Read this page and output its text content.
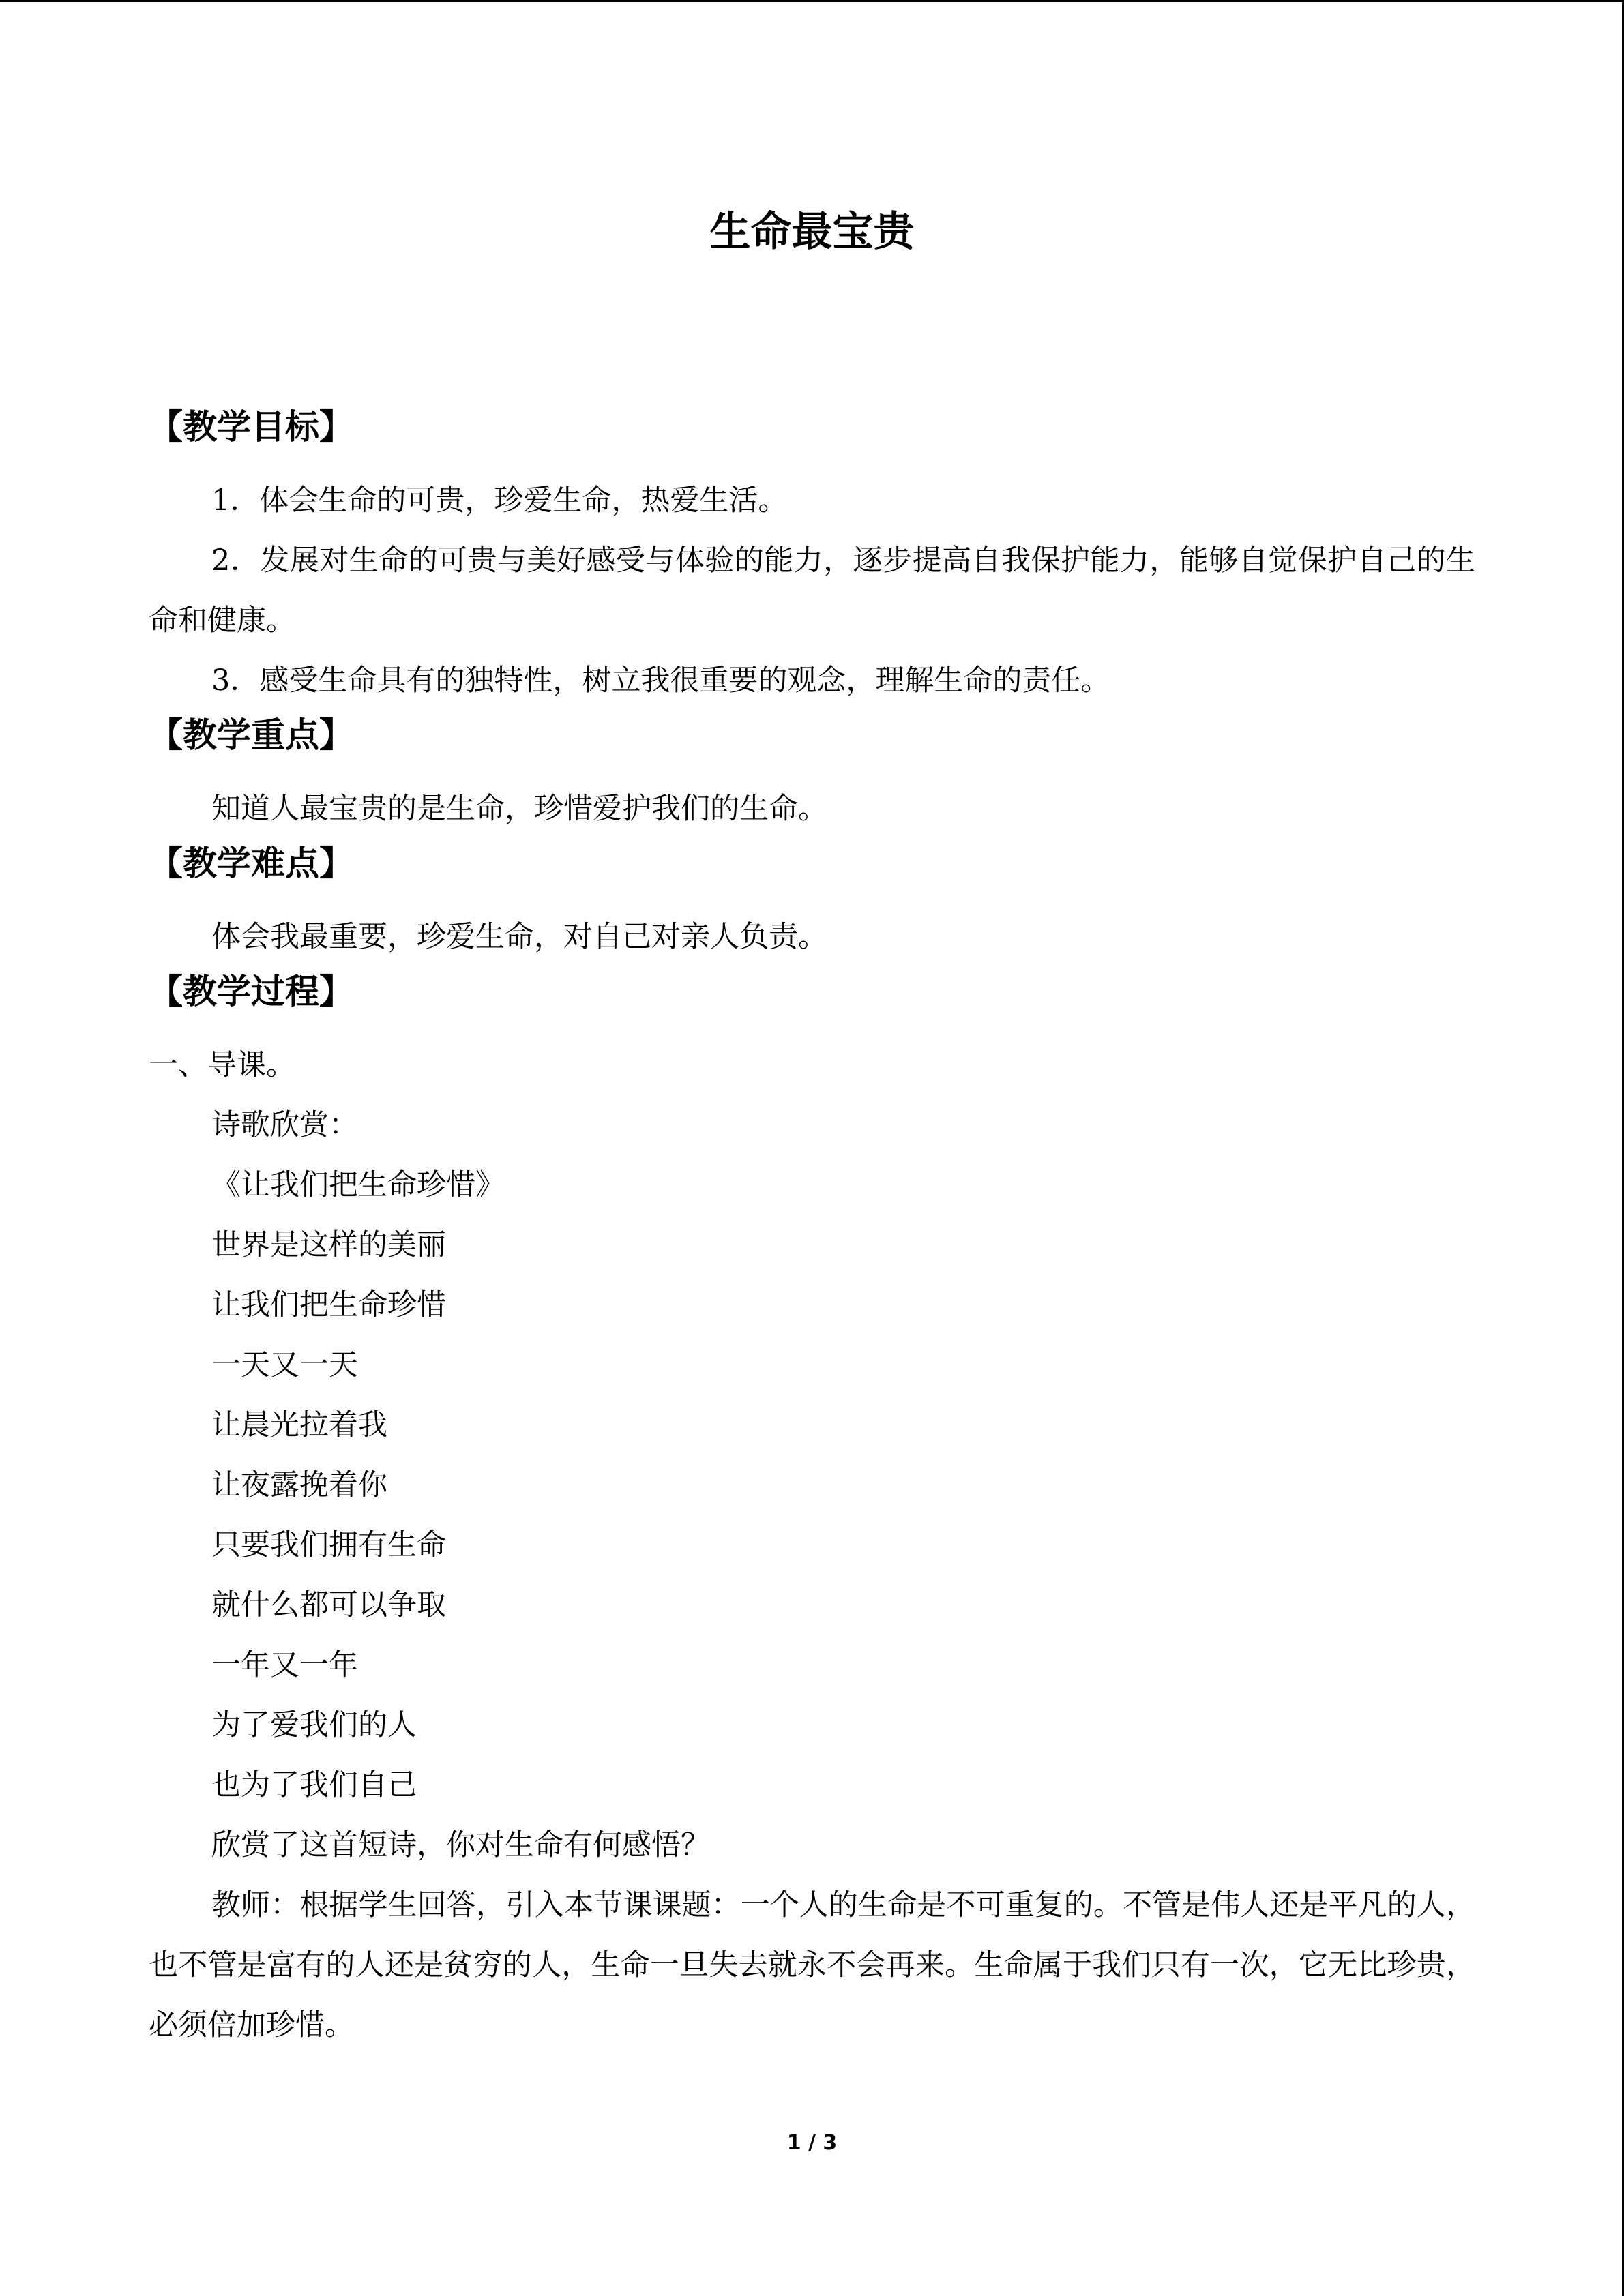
生命最宝贵
【教学目标】

1．体会生命的可贵，珍爱生命，热爱生活。

2．发展对生命的可贵与美好感受与体验的能力，逐步提高自我保护能力，能够自觉保护自己的生命和健康。

3．感受生命具有的独特性，树立我很重要的观念，理解生命的责任。

【教学重点】

知道人最宝贵的是生命，珍惜爱护我们的生命。

【教学难点】

体会我最重要，珍爱生命，对自己对亲人负责。

【教学过程】

一、导课。

诗歌欣赏：

《让我们把生命珍惜》

世界是这样的美丽

让我们把生命珍惜

一天又一天

让晨光拉着我

让夜露挽着你

只要我们拥有生命

就什么都可以争取

一年又一年

为了爱我们的人

也为了我们自己

欣赏了这首短诗，你对生命有何感悟？

教师：根据学生回答，引入本节课课题：一个人的生命是不可重复的。不管是伟人还是平凡的人，也不管是富有的人还是贫穷的人，生命一旦失去就永不会再来。生命属于我们只有一次，它无比珍贵，必须倍加珍惜。

1 / 3
